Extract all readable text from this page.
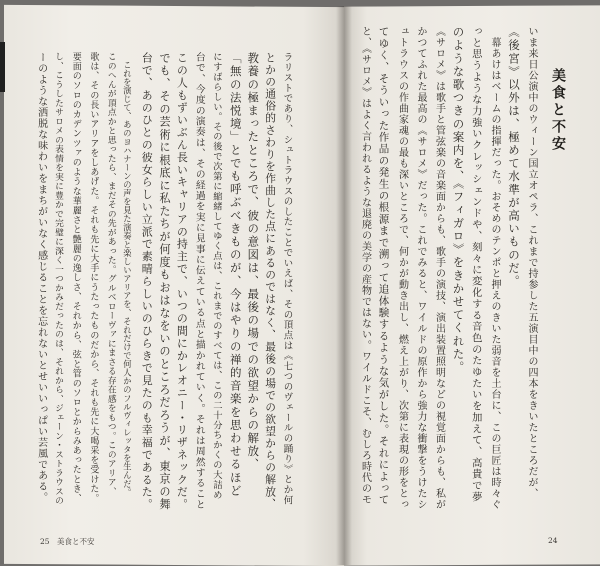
美食と不安
いま来日公演中のウィーン国立オペラ、これまで持参した五演目中の四本をきいたところだが、
《後宮》以外は、極めて水準が高いものだ。
　幕あけはベームの指揮だった。おそめのテンポと押えのきいた弱音を土台に、この巨匠は時々ぐ
っと思うような力強いクレッシェンドや、刻々に変化する音色のたゆたいを加えて、高貴で夢
のような歌つきの案内を、《フィガロ》をきかせてくれた。
《サロメ》は歌手と管弦楽の音楽面からも、歌手の演技、演出装置照明などの視覚面からも、私が
かつてふれた最高の《サロメ》だった。これでみると、ワイルドの原作から強力な衝撃をうけたシ
ュトラウスの作曲家魂の最も深いところで、何かが動き出し、燃え上がり、次第に表現の形をとっ
てゆく、そういった作品の発生の根源まで溯って追体験するような気がした。それによって
と、《サロメ》はよく言われるような退廃の美学の産物ではない。ワイルドこそ、むしろ時代のモ
ラリストであり、シュトラウスのしたことでいえば、その頂点は《七つのヴェールの踊り》とか何
とかの通俗的さわりを作曲した点にあるのではなく、最後の場での欲望からの解放、
教養の極まったところで、彼の意図は、最後の場での欲望からの解放、
「無の法悦境」とでも呼ぶべきものが、今はやりの禅的音楽を思わせるほど
にすばらしい。その後で次第に縮緒してゆく点は、これまでのすべては、この二十分ちかくの大詰め
台で、今度の演奏は、その経過を実に見事に伝えている点と描かれていく。それは周然すること
この人もずいぶん長いキャリアの持主で、いつの間にかレオニー・リザネックだ。
でも、その芸術に根底に私たちが何度もおはなをいのところだろうが、東京の舞
台で、あのひとの彼女らしい立派で素晴らしいのひらきで見たのも幸福であるた。
　これを演じて、あのヨハナーンの声を見た演奏と楽しいアリアを、それだけで何人かのフルヴィレッタを生んだ。
このへんが頂点かと思ったら、まだその先があった。グルベローヴァにまさる存在感をもつ。このアリア、
歌は、その長いアリアをしあげた。それも先に大手にうたったものだから、それも先に大喝采を受けた。
要面のソロのカデンツァのような華麗さと艶麗の逸しさ、それから、弦と管のソロとからみあったとき、
し、こうしたサロメの表情を実に豊かで完璧に深く一つかみだったのは、それから、ジェーン・ストラウスの
ーのような洒脱な味わいをまちがいなく感じることを忘れないとせいいっぱい芸風である。
24
25　美食と不安
